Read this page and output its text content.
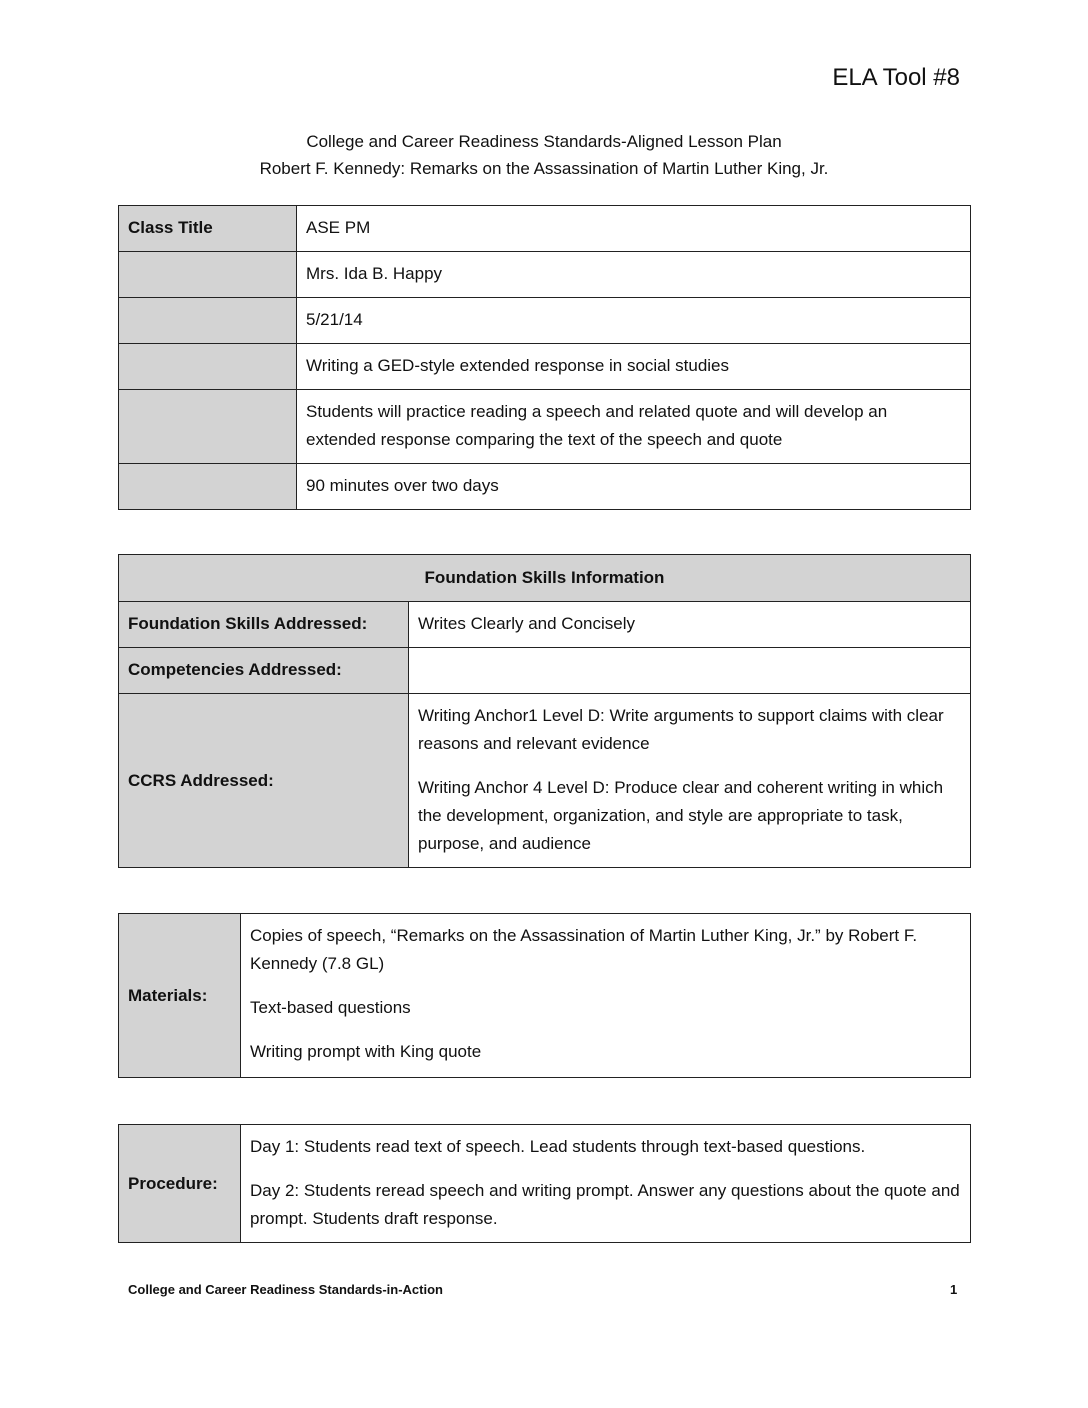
ELA Tool #8
College and Career Readiness Standards-Aligned Lesson Plan
Robert F. Kennedy: Remarks on the Assassination of Martin Luther King, Jr.
Class Title	ASE PM
	Mrs. Ida B. Happy
	5/21/14
	Writing a GED-style extended response in social studies
	Students will practice reading a speech and related quote and will develop an extended response comparing the text of the speech and quote
	90 minutes over two days
Foundation Skills Information	
Foundation Skills Addressed:	Writes Clearly and Concisely
Competencies Addressed:	
CCRS Addressed:	Writing Anchor1 Level D: Write arguments to support claims with clear reasons and relevant evidence

Writing Anchor 4 Level D: Produce clear and coherent writing in which the development, organization, and style are appropriate to task, purpose, and audience

Materials:	

Copies of speech, “Remarks on the Assassination of Martin Luther King, Jr.” by Robert F. Kennedy (7.8 GL)

Text-based questions

Writing prompt with King quote

Procedure:	

Day 1: Students read text of speech. Lead students through text-based questions.

Day 2: Students reread speech and writing prompt. Answer any questions about the quote and prompt. Students draft response.

College and Career Readiness Standards-in-Action	1
